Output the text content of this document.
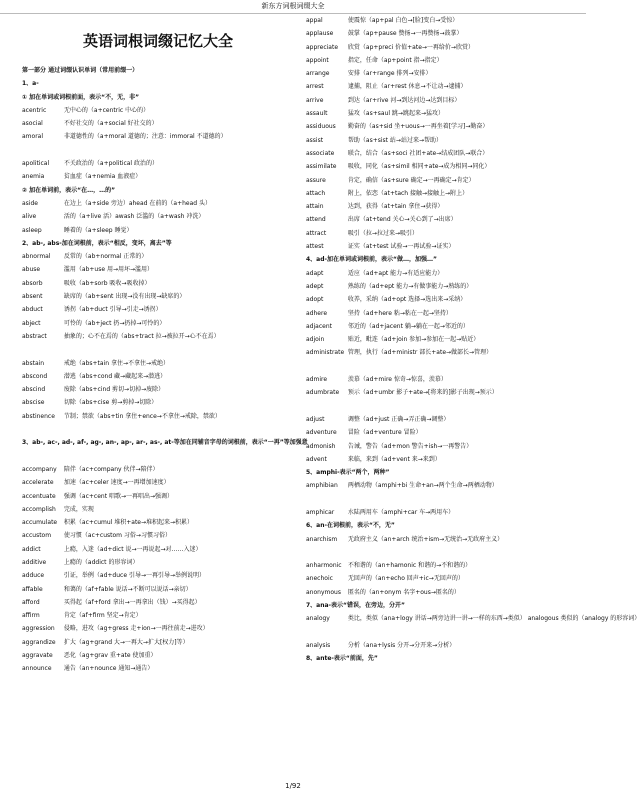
新东方词根词缀大全
英语词根词缀记忆大全
第一部分 通过词缀认识单词（常用前缀一）
1、a-
① 加在单词或词根前面，表示“不，无，非”
acentric	无中心的（a+centric 中心的）
asocial	不好社交的（a+social 好社交的）
amoral	非道德性的（a+moral 道德的；注意：immoral 不道德的）
apolitical 不关政治的（a+political 政治的）
anemia	贫血症（a+nemia 血液症）
② 加在单词前，表示“在…，…的”
aside	在边上（a+side 旁边）ahead 在前的（a+head 头）
alive	活的（a+live 活）awash 泛滥的（a+wash 冲洗）
asleep	睡着的（a+sleep 睡觉）
2、ab-, abs-加在词根前，表示“相反，变坏，离去”等
abnormal 反常的（ab+normal 正常的）
abuse	滥用（ab+use 用→用坏→滥用）
absorb	吸收（ab+sorb 吸收→吸收掉）
absent	缺席的（ab+sent 出现→没有出现→缺席的）
abduct	诱拐（ab+duct 引导→引走→诱拐）
abject	可怜的（ab+ject 扔→扔掉→可怜的）
abstract	抽象的；心不在焉的（abs+tract 拉→被拉开→心不在焉）
abstain	戒绝（abs+tain 拿住→不拿住→戒绝）
abscond	潜逃（abs+cond 藏→藏起来→潜逃）
abscind	废除（abs+cind 剪切→切掉→废除）
abscise	切除（abs+cise 剪→剪掉→切除）
abstinence 节制；禁欲（abs+tin 拿住+ence→不拿住→戒除，禁欲）
3、ab-, ac-, ad-, af-, ag-, an-, ap-, ar-, as-, at-等加在同辅音字母的词根前，表示“一再”等加强意
accompany 陪伴（ac+company 伙伴→陪伴）
accelerate 加速（ac+celer 速度→一再增加速度）
accentuate 强调（ac+cent 唱歌→一再唱出→强调）
accomplish 完成，实现
accumulate 积累（ac+cumul 堆积+ate→堆积起来→积累）
accustom 使习惯（ac+custom 习俗→习惯习俗）
addict	上瘾，入迷（ad+dict 说→一再说起→对……入迷）
additive	上瘾的（addict 的形容词）
adduce	引证，举例（ad+duce 引导→一再引导→举例说明）
affable	和蔼的（af+fable 说话→不断可以说话→亲切）
afford	买得起（af+ford 拿出→一再拿出（钱）→买得起）
affirm	肯定（af+firm 坚定→肯定）
aggression 侵略，进攻（ag+gress 走+ion→一再往前走→进攻）
aggrandize 扩大（ag+grand 大→一再大→扩大[权力]等）
aggravate 恶化（ag+grav 重+ate 使加重）
announce 通告（an+nounce 通知→通告）
appal	使震惊（ap+pal 白色→[脸]变白→受惊）
applause 鼓掌（ap+pause 赞扬→一再赞扬→鼓掌）
appreciate 欣赏（ap+preci 价值+ate→一再给价→欣赏）
appoint	指定，任命（ap+point 指→指定）
arrange	安排（ar+range 排列→安排）
arrest	逮捕，阻止（ar+rest 休息→不让动→逮捕）
arrive	到达（ar+rive 河→到达河边→达到目标）
assault	猛攻（as+saul 跳→跳起来→猛攻）
assiduous 勤奋的（as+sid 坐+uous→一再坐着[学习]→勤奋）
assist	帮助（as+sist 站→站过来→帮助）
associate 联合，结合（as+soci 社团+ate→结成团队→联合）
assimilate 吸收，同化（as+simil 相同+ate→成为相同→同化）
assure	肯定，确信（as+sure 确定→一再确定→肯定）
attach	附上，依恋（at+tach 接触→接触上→附上）
attain	达到，获得（at+tain 拿住→获得）
attend	出席（at+tend 关心→关心到了→出席）
attract	吸引（拉→拉过来→吸引）
attest	证实（at+test 试验→一再试验→证实）
4、ad-加在单词或词根前，表示“做…，加强…”
adapt	适应（ad+apt 能力→有适应能力）
adept	熟练的（ad+ept 能力→有做事能力→熟练的）
adopt	收养，采纳（ad+opt 选择→选出来→采纳）
adhere	坚持（ad+here 粘→粘在一起→坚持）
adjacent	邻近的（ad+jacent 躺→躺在一起→邻近的）
adjoin	贴近，毗连（ad+join 参加→参加在一起→贴近）
administrate 管理，执行（ad+ministr 部长+ate→做部长→管理）
admire	羡慕（ad+mire 惊奇→惊喜，羡慕）
adumbrate 预示（ad+umbr 影子+ate→[将来的]影子出现→预示）
adjust	调整（ad+just 正确→弄正确→调整）
adventure 冒险（ad+venture 冒险）
admonish 告诫，警告（ad+mon 警告+ish→一再警告）
advent	来临，来到（ad+vent 来→来到）
5、amphi-表示“两个，两种”
amphibian 两栖动物（amphi+bi 生命+an→两个生命→两栖动物）
amphicar 水陆两用车（amphi+car 车→两用车）
6、an-在词根前，表示“不，无”
anarchism 无政府主义（an+arch 统治+ism→无统治→无政府主义）
anharmonic 不和谐的（an+hamonic 和谐的→不和谐的）
anechoic	无回声的（an+echo 回声+ic→无回声的）
anonymous 匿名的（an+onym 名字+ous→匿名的）
7、ana-表示“错误，在旁边，分开”
analogy	类比，类似（ana+logy 讲话→两旁边讲一讲→一样的东西→类似） analogous 类似的（analogy 的形容词）
analysis	分析（ana+lysis 分开→分开来→分析）
8、ante-表示“前面，先”
1/92
